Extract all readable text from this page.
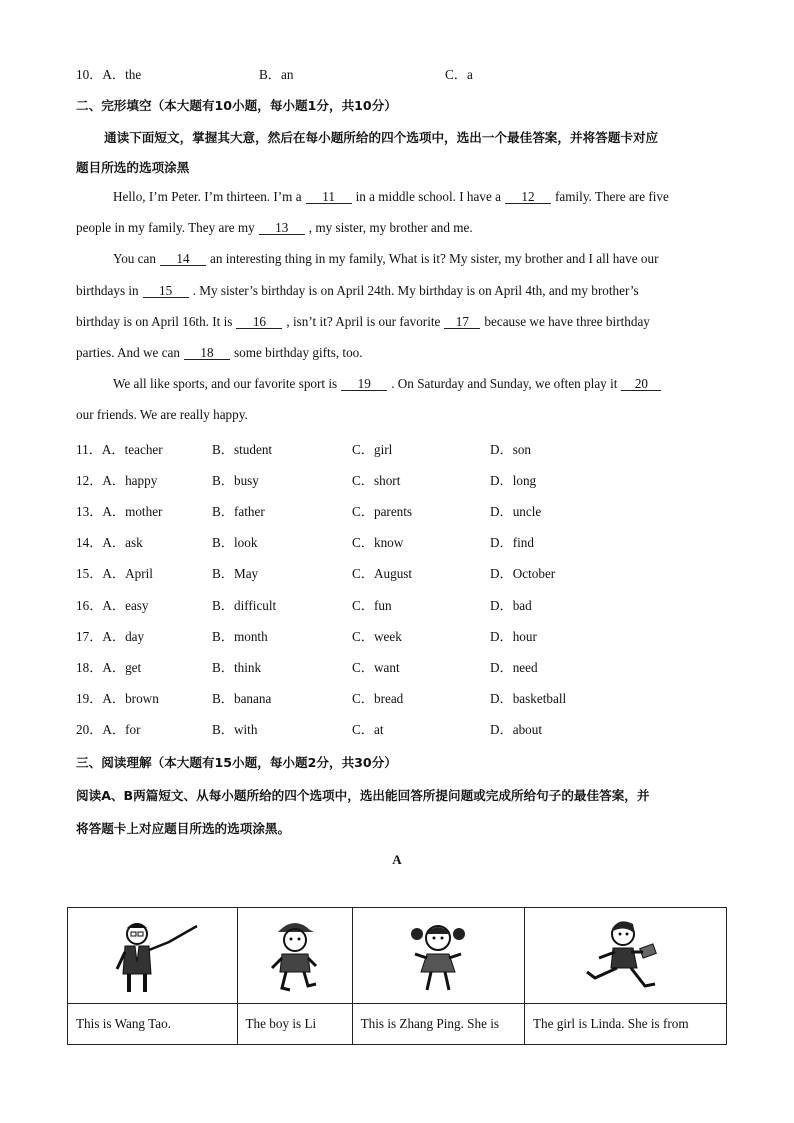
10．A．the	B．an	C．a
二、完形填空（本大题有10小题，每小题1分，共10分）
通读下面短文，掌握其大意，然后在每小题所给的四个选项中，选出一个最佳答案，并将答题卡对应
题目所选的选项涂黑
Hello, I’m Peter. I’m thirteen. I’m a 11 in a middle school. I have a 12 family. There are five
people in my family. They are my 13 , my sister, my brother and me.
You can 14 an interesting thing in my family, What is it? My sister, my brother and I all have our
birthdays in 15 . My sister’s birthday is on April 24th. My birthday is on April 4th, and my brother’s
birthday is on April 16th. It is 16 , isn’t it? April is our favorite 17 because we have three birthday
parties. And we can 18 some birthday gifts, too.
We all like sports, and our favorite sport is 19 . On Saturday and Sunday, we often play it 20
our friends. We are really happy.
11．A．teacher	B．student	C．girl	D．son
12．A．happy	B．busy	C．short	D．long
13．A．mother	B．father	C．parents	D．uncle
14．A．ask	B．look	C．know	D．find
15．A．April	B．May	C．August	D．October
16．A．easy	B．difficult	C．fun	D．bad
17．A．day	B．month	C．week	D．hour
18．A．get	B．think	C．want	D．need
19．A．brown	B．banana	C．bread	D．basketball
20．A．for	B．with	C．at	D．about
三、阅读理解（本大题有15小题，每小题2分，共30分）
阅读A、B两篇短文、从每小题所给的四个选项中，选出能回答所提问题或完成所给句子的最佳答案，并
将答题卡上对应题目所选的选项涂黑。
A

This is Wang Tao.	The boy is Li	This is Zhang Ping. She is	The girl is Linda. She is from
